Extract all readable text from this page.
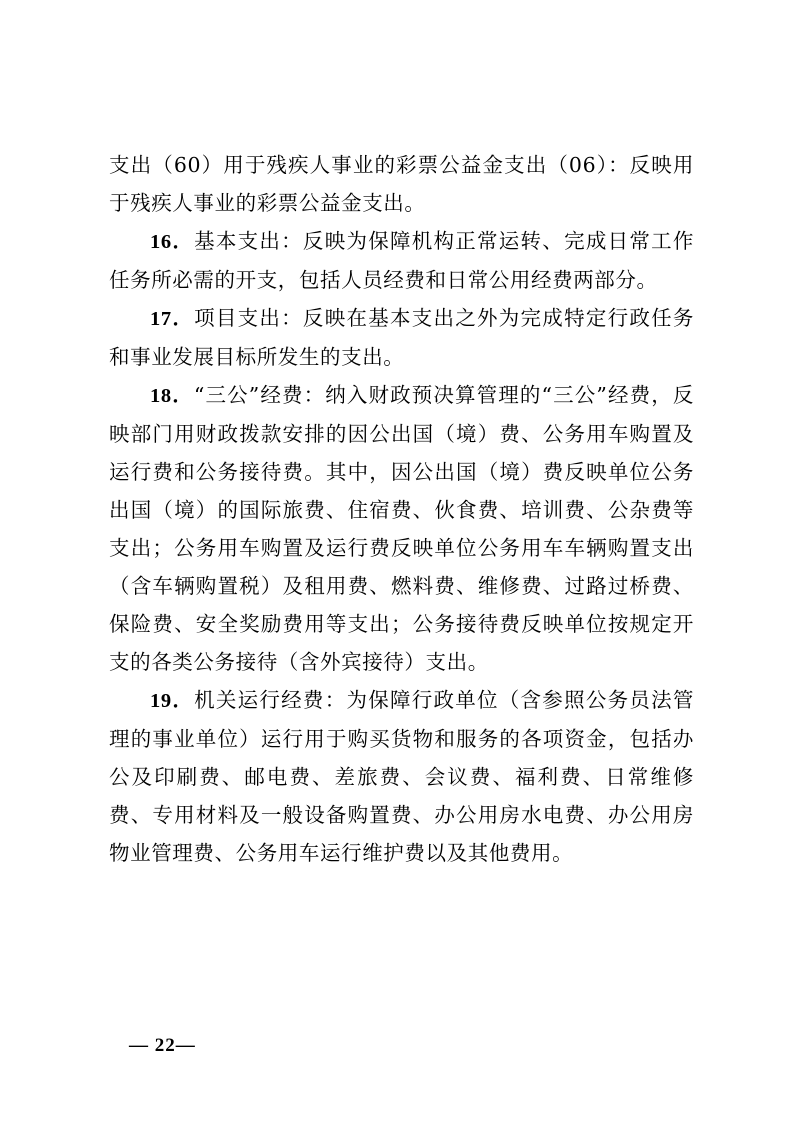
支出（60）用于残疾人事业的彩票公益金支出（06）：反映用于残疾人事业的彩票公益金支出。

16．基本支出：反映为保障机构正常运转、完成日常工作任务所必需的开支，包括人员经费和日常公用经费两部分。

17．项目支出：反映在基本支出之外为完成特定行政任务和事业发展目标所发生的支出。

18．“三公”经费：纳入财政预决算管理的“三公”经费，反映部门用财政拨款安排的因公出国（境）费、公务用车购置及运行费和公务接待费。其中，因公出国（境）费反映单位公务出国（境）的国际旅费、住宿费、伙食费、培训费、公杂费等支出；公务用车购置及运行费反映单位公务用车车辆购置支出（含车辆购置税）及租用费、燃料费、维修费、过路过桥费、保险费、安全奖励费用等支出；公务接待费反映单位按规定开支的各类公务接待（含外宾接待）支出。

19．机关运行经费：为保障行政单位（含参照公务员法管理的事业单位）运行用于购买货物和服务的各项资金，包括办公及印刷费、邮电费、差旅费、会议费、福利费、日常维修费、专用材料及一般设备购置费、办公用房水电费、办公用房物业管理费、公务用车运行维护费以及其他费用。

— 22—
